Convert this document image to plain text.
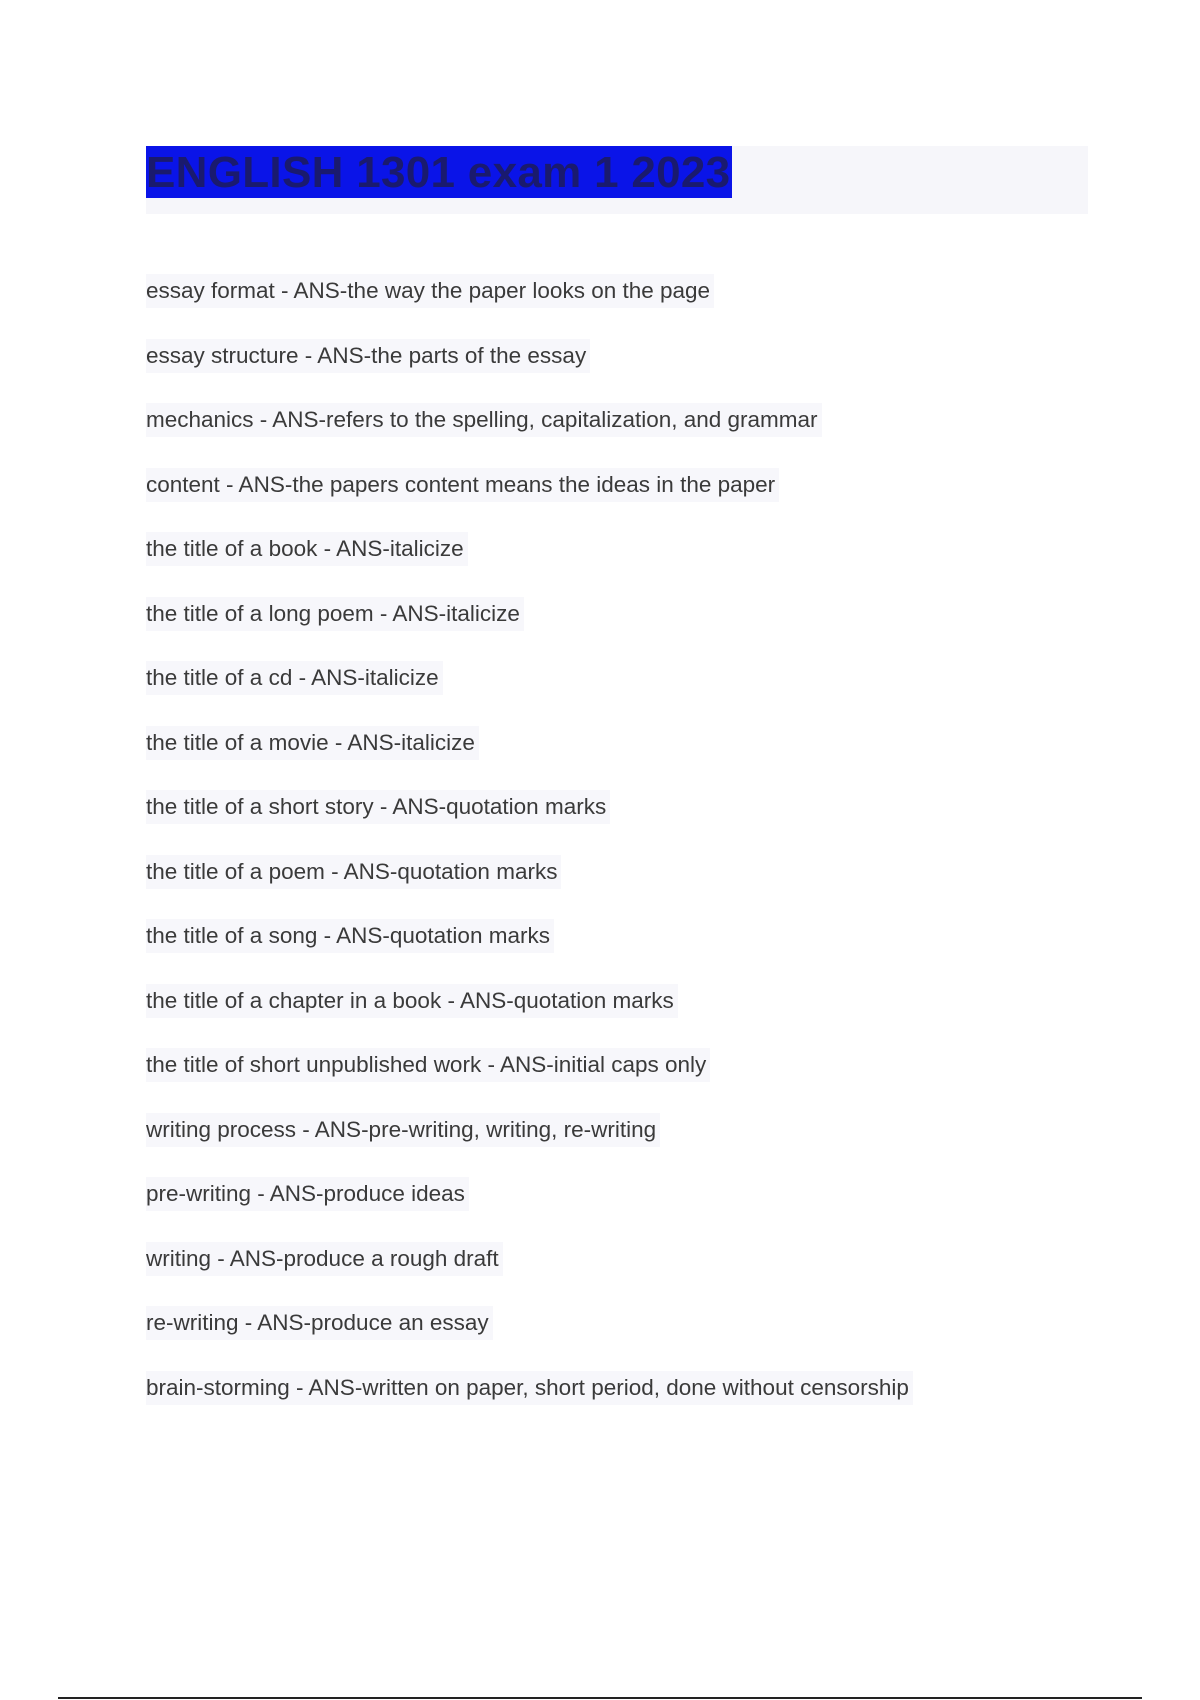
ENGLISH 1301 exam 1 2023
essay format - ANS-the way the paper looks on the page
essay structure - ANS-the parts of the essay
mechanics - ANS-refers to the spelling, capitalization, and grammar
content - ANS-the papers content means the ideas in the paper
the title of a book - ANS-italicize
the title of a long poem - ANS-italicize
the title of a cd - ANS-italicize
the title of a movie - ANS-italicize
the title of a short story - ANS-quotation marks
the title of a poem - ANS-quotation marks
the title of a song - ANS-quotation marks
the title of a chapter in a book - ANS-quotation marks
the title of short unpublished work - ANS-initial caps only
writing process - ANS-pre-writing, writing, re-writing
pre-writing - ANS-produce ideas
writing - ANS-produce a rough draft
re-writing - ANS-produce an essay
brain-storming - ANS-written on paper, short period, done without censorship
